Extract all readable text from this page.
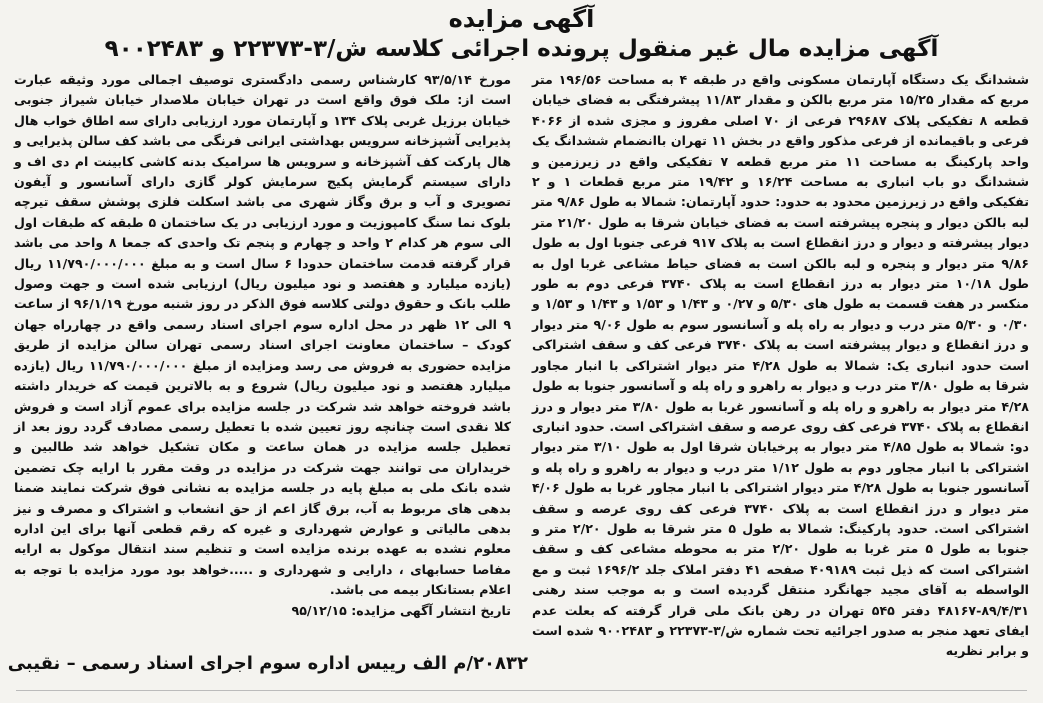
آگهی مزایده
آگهی مزایده مال غیر منقول پرونده اجرائی کلاسه ش/۳-۲۲۳۷۳ و ۹۰۰۲۴۸۳

ششدانگ یک دستگاه آپارتمان مسکونی واقع در طبقه ۴ به مساحت ۱۹۶/۵۶ متر مربع که مقدار ۱۵/۲۵ متر مربع بالکن و مقدار ۱۱/۸۳ پیشرفتگی به فضای خیابان قطعه ۸ تفکیکی پلاک ۲۹۶۸۷ فرعی از ۷۰ اصلی مفروز و مجزی شده از ۴۰۶۶ فرعی و باقیمانده از فرعی مذکور واقع در بخش ۱۱ تهران باانضمام ششدانگ یک واحد پارکینگ به مساحت ۱۱ متر مربع قطعه ۷ تفکیکی واقع در زیرزمین و ششدانگ دو باب انباری به مساحت ۱۶/۲۴ و ۱۹/۴۲ متر مربع قطعات ۱ و ۲ تفکیکی واقع در زیرزمین محدود به حدود: حدود آپارتمان: شمالا به طول ۹/۸۶ متر لبه بالکن دیوار و پنجره پیشرفته است به فضای خیابان شرقا به طول ۲۱/۲۰ متر دیوار پیشرفته و دیوار و درز انقطاع است به پلاک ۹۱۷ فرعی جنوبا اول به طول ۹/۸۶ متر دیوار و پنجره و لبه بالکن است به فضای حیاط مشاعی غربا اول به طول ۱۰/۱۸ متر دیوار به درز انقطاع است به پلاک ۳۷۴۰ فرعی دوم به طور منکسر در هفت قسمت به طول های ۵/۳۰ و ۰/۲۷ و ۱/۴۳ و ۱/۵۳ و ۱/۴۳ و ۱/۵۳ و ۰/۳۰ و ۵/۳۰ متر درب و دیوار به راه پله و آسانسور سوم به طول ۹/۰۶ متر دیوار و درز انقطاع و دیوار پیشرفته است به پلاک ۳۷۴۰ فرعی کف و سقف اشتراکی است حدود انباری یک: شمالا به طول ۴/۲۸ متر دیوار اشتراکی با انبار مجاور شرقا به طول ۳/۸۰ متر درب و دیوار به راهرو و راه پله و آسانسور جنوبا به طول ۴/۲۸ متر دیوار به راهرو و راه پله و آسانسور غربا به طول ۳/۸۰ متر دیوار و درز انقطاع به پلاک ۳۷۴۰ فرعی کف روی عرصه و سقف اشتراکی است. حدود انباری دو: شمالا به طول ۴/۸۵ متر دیوار به پرخیابان شرقا اول به طول ۳/۱۰ متر دیوار اشتراکی با انبار مجاور دوم به طول ۱/۱۲ متر درب و دیوار به راهرو و راه پله و آسانسور جنوبا به طول ۴/۲۸ متر دیوار اشتراکی با انبار مجاور غربا به طول ۴/۰۶ متر دیوار و درز انقطاع است به پلاک ۳۷۴۰ فرعی کف روی عرصه و سقف اشتراکی است. حدود پارکینگ: شمالا به طول ۵ متر شرقا به طول ۲/۲۰ متر و جنوبا به طول ۵ متر غربا به طول ۲/۲۰ متر به محوطه مشاعی کف و سقف اشتراکی است که ذیل ثبت ۴۰۹۱۸۹ صفحه ۴۱ دفتر املاک جلد ۱۶۹۶/۲ ثبت و مع الواسطه به آقای مجید جهانگرد منتقل گردیده است و به موجب سند رهنی ۸۹/۴/۳۱-۴۸۱۶۷ دفتر ۵۴۵ تهران در رهن بانک ملی قرار گرفته که بعلت عدم ایفای تعهد منجر به صدور اجرائیه تحت شماره ش/۳-۲۲۳۷۳ و ۹۰۰۲۴۸۳ شده است و برابر نظریه

مورخ ۹۳/۵/۱۴ کارشناس رسمی دادگستری توصیف اجمالی مورد وثیقه عبارت است از: ملک فوق واقع است در تهران خیابان ملاصدار خیابان شیراز جنوبی خیابان برزیل غربی پلاک ۱۳۴ و آپارتمان مورد ارزیابی دارای سه اطاق خواب هال پذیرایی آشپزخانه سرویس بهداشتی ایرانی فرنگی می باشد کف سالن پذیرایی و هال پارکت کف آشپزخانه و سرویس ها سرامیک بدنه کاشی کابینت ام دی اف و دارای سیستم گرمایش پکیج سرمایش کولر گازی دارای آسانسور و آیفون تصویری و آب و برق وگاز شهری می باشد اسکلت فلزی پوشش سقف تیرچه بلوک نما سنگ کامپوزیت و مورد ارزیابی در یک ساختمان ۵ طبقه که طبقات اول الی سوم هر کدام ۲ واحد و چهارم و پنجم تک واحدی که جمعا ۸ واحد می باشد قرار گرفته قدمت ساختمان حدودا ۶ سال است و به مبلغ ۱۱/۷۹۰/۰۰۰/۰۰۰ ریال (یازده میلیارد و هفتصد و نود میلیون ریال) ارزیابی شده است و جهت وصول طلب بانک و حقوق دولتی کلاسه فوق الذکر در روز شنبه مورخ ۹۶/۱/۱۹ از ساعت ۹ الی ۱۲ ظهر در محل اداره سوم اجرای اسناد رسمی واقع در چهارراه جهان کودک – ساختمان معاونت اجرای اسناد رسمی تهران سالن مزایده از طریق مزایده حضوری به فروش می رسد ومزایده از مبلغ ۱۱/۷۹۰/۰۰۰/۰۰۰ ریال (یازده میلیارد هفتصد و نود میلیون ریال) شروع و به بالاترین قیمت که خریدار داشته باشد فروخته خواهد شد شرکت در جلسه مزایده برای عموم آزاد است و فروش کلا نقدی است چنانچه روز تعیین شده با تعطیل رسمی مصادف گردد روز بعد از تعطیل جلسه مزایده در همان ساعت و مکان تشکیل خواهد شد طالبین و خریداران می توانند جهت شرکت در مزایده در وقت مقرر با ارایه چک تضمین شده بانک ملی به مبلغ پایه در جلسه مزایده به نشانی فوق شرکت نمایند ضمنا بدهی های مربوط به آب، برق گاز اعم از حق انشعاب و اشتراک و مصرف و نیز بدهی مالیاتی و عوارض شهرداری و غیره که رقم قطعی آنها برای این اداره معلوم نشده به عهده برنده مزایده است و تنظیم سند انتقال موکول به ارایه مفاصا حسابهای ، دارایی و شهرداری و .....خواهد بود مورد مزایده با توجه به اعلام بستانکار بیمه می باشد.

تاریخ انتشار آگهی مزایده: ۹۵/۱۲/۱۵

۲۰۸۳۲/م الف رییس اداره سوم اجرای اسناد رسمی – نقیبی
